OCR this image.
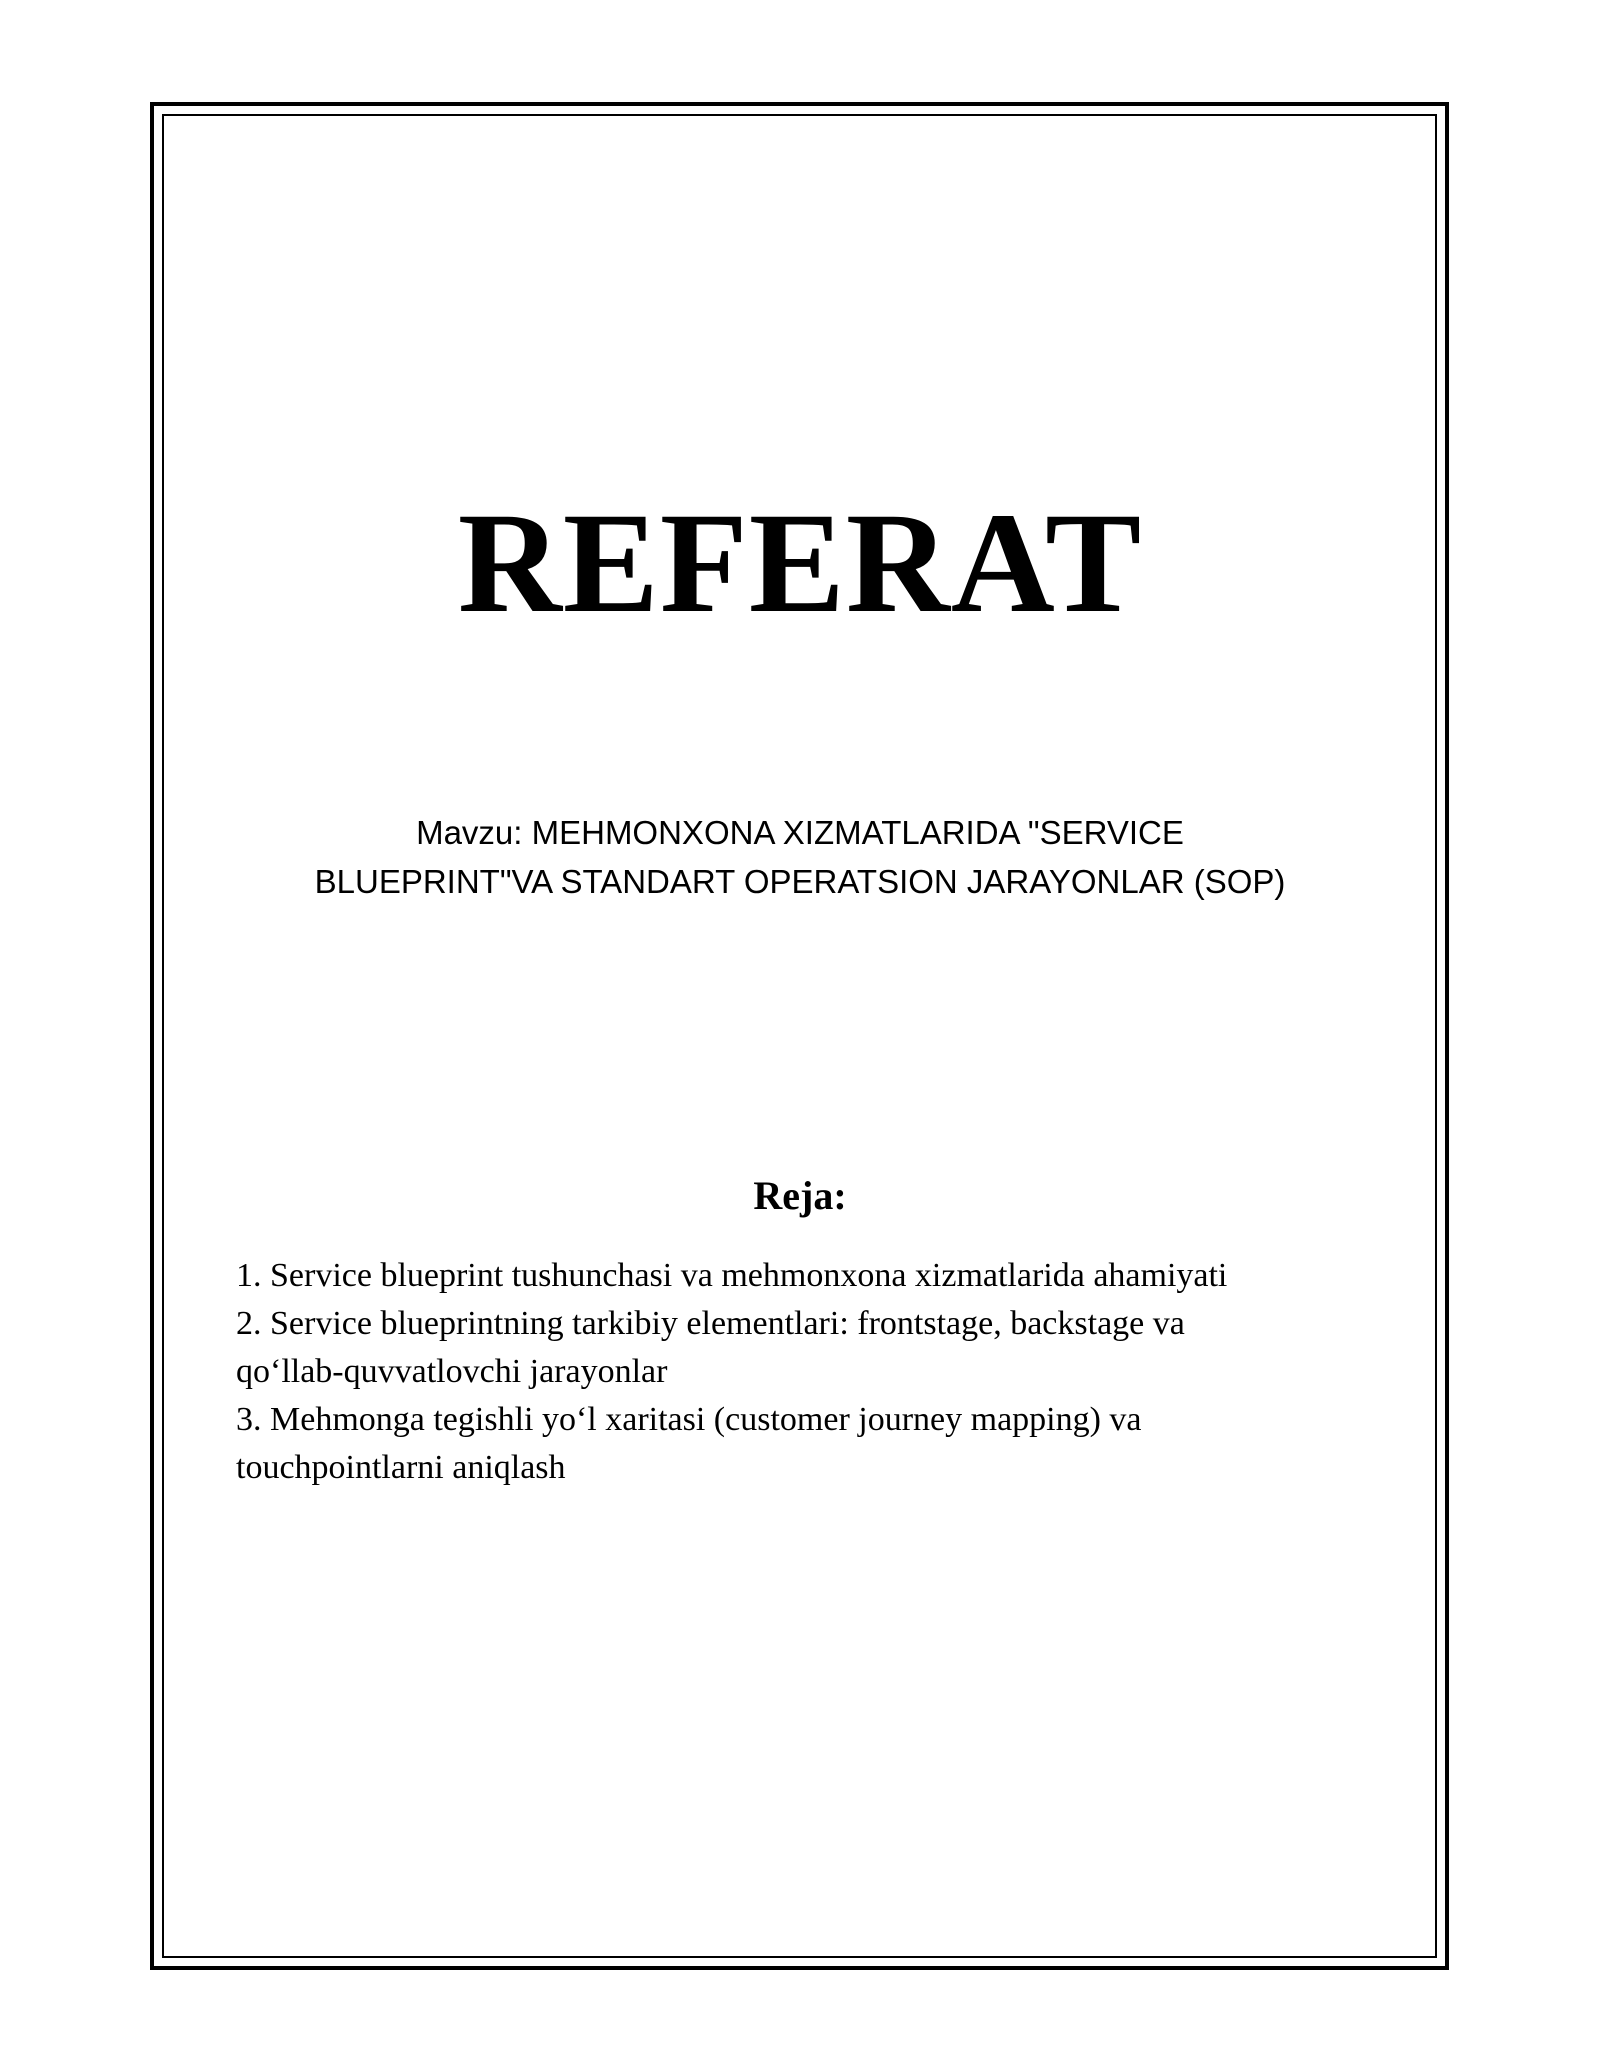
REFERAT
Mavzu: MEHMONXONA XIZMATLARIDA "SERVICE
BLUEPRINT"VA STANDART OPERATSION JARAYONLAR (SOP)
Reja:
1. Service blueprint tushunchasi va mehmonxona xizmatlarida ahamiyati
2. Service blueprintning tarkibiy elementlari: frontstage, backstage va
qo‘llab-quvvatlovchi jarayonlar
3. Mehmonga tegishli yo‘l xaritasi (customer journey mapping) va
touchpointlarni aniqlash
